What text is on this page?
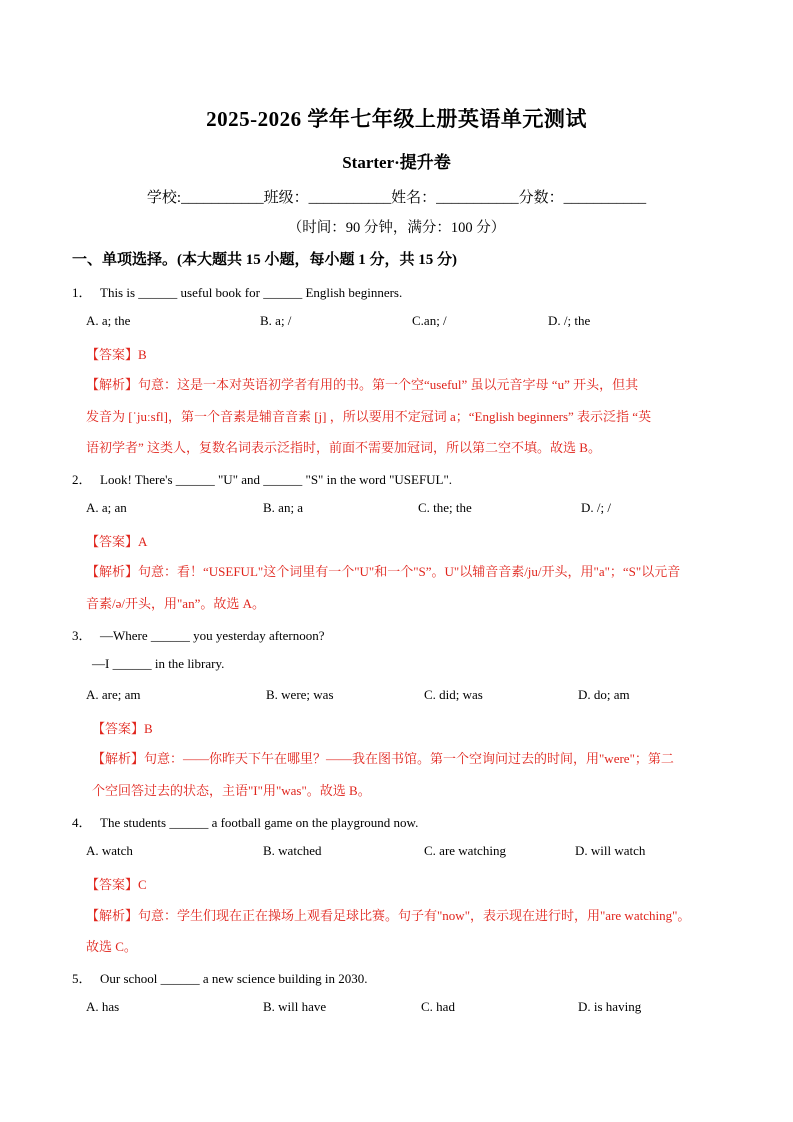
2025-2026 学年七年级上册英语单元测试
Starter·提升卷
学校:___________班级：___________姓名：___________分数：___________
（时间：90 分钟，满分：100 分）
一、单项选择。(本大题共 15 小题，每小题 1 分，共 15 分)
1． This is ______ useful book for ______ English beginners.
A. a; the	B. a; /	C.an; /	D. /; the
【答案】B
【解析】句意：这是一本对英语初学者有用的书。第一个空“useful” 虽以元音字母 “u” 开头，但其
发音为 [ˈjuːsfl]，第一个音素是辅音音素 [j] ，所以要用不定冠词 a；“English beginners” 表示泛指 “英
语初学者” 这类人，复数名词表示泛指时，前面不需要加冠词，所以第二空不填。故选 B。
2． Look! There's ______ "U" and ______ "S" in the word "USEFUL".
A. a; an	B. an; a	C. the; the	D. /; /
【答案】A
【解析】句意：看！“USEFUL"这个词里有一个"U"和一个"S”。U"以辅音音素/ju/开头，用"a"；“S"以元音
音素/ə/开头，用"an”。故选 A。
3． —Where ______ you yesterday afternoon?
—I ______ in the library.
A. are; am	B. were; was	C. did; was	D. do; am
【答案】B
【解析】句意：——你昨天下午在哪里？——我在图书馆。第一个空询问过去的时间，用"were"；第二
个空回答过去的状态，主语"I"用"was"。故选 B。
4． The students ______ a football game on the playground now.
A. watch	B. watched	C. are watching	D. will watch
【答案】C
【解析】句意：学生们现在正在操场上观看足球比赛。句子有"now"，表示现在进行时，用"are watching"。
故选 C。
5． Our school ______ a new science building in 2030.
A. has	B. will have	C. had	D. is having
